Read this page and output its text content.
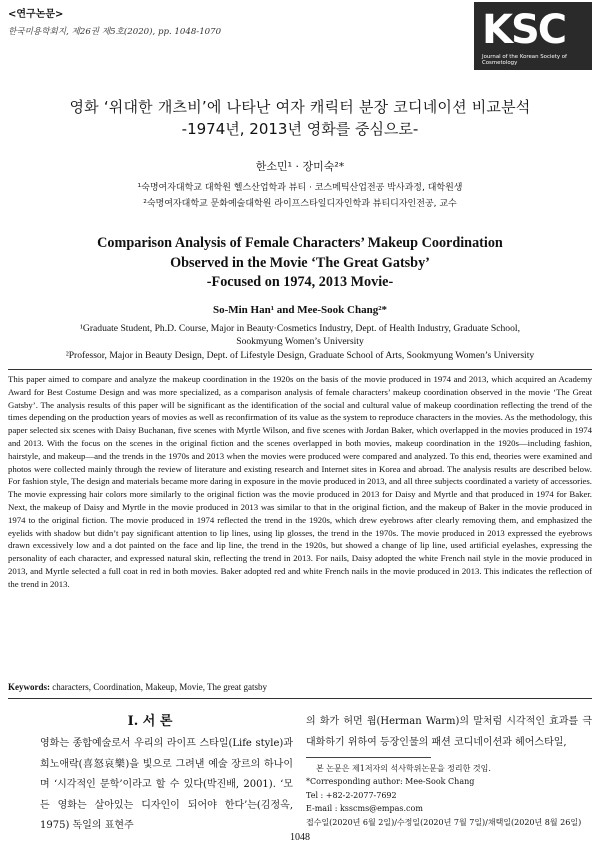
<연구논문>
한국미용학회지, 제26권 제5호(2020), pp. 1048-1070	KSC
Journal of the Korean Society of Cosmetology
영화 ‘위대한 개츠비’에 나타난 여자 캐릭터 분장 코디네이션 비교분석
-1974년, 2013년 영화를 중심으로-
한소민¹ · 장미숙²*
¹숙명여자대학교 대학원 헬스산업학과 뷰티 · 코스메틱산업전공 박사과정, 대학원생
²숙명여자대학교 문화예술대학원 라이프스타일디자인학과 뷰티디자인전공, 교수
Comparison Analysis of Female Characters’ Makeup Coordination
Observed in the Movie ‘The Great Gatsby’
-Focused on 1974, 2013 Movie-
So-Min Han¹ and Mee-Sook Chang²*
¹Graduate Student, Ph.D. Course, Major in Beauty·Cosmetics Industry, Dept. of Health Industry, Graduate School,
Sookmyung Women’s University
²Professor, Major in Beauty Design, Dept. of Lifestyle Design, Graduate School of Arts, Sookmyung Women’s University
This paper aimed to compare and analyze the makeup coordination in the 1920s on the basis of the movie produced in 1974 and 2013, which acquired an Academy Award for Best Costume Design and was more specialized, as a comparison analysis of female characters’ makeup coordination observed in the movie ‘The Great Gatsby’. The analysis results of this paper will be significant as the identification of the social and cultural value of makeup coordination reflecting the trend of the times depending on the production years of movies as well as reconfirmation of its value as the system to reproduce characters in the movies. As the methodology, this paper selected six scenes with Daisy Buchanan, five scenes with Myrtle Wilson, and five scenes with Jordan Baker, which overlapped in the movies produced in 1974 and 2013. With the focus on the scenes in the original fiction and the scenes overlapped in both movies, makeup coordination in the 1920s—including fashion, hairstyle, and makeup—and the trends in the 1970s and 2013 when the movies were produced were compared and analyzed. To this end, theories were examined and photos were collected mainly through the review of literature and existing research and Internet sites in Korea and abroad. The analysis results are described below. For fashion style, The design and materials became more daring in exposure in the movie produced in 2013, and all three subjects coordinated a variety of accessories. The movie expressing hair colors more similarly to the original fiction was the movie produced in 2013 for Daisy and Myrtle and that produced in 1974 for Baker. Next, the makeup of Daisy and Myrtle in the movie produced in 2013 was similar to that in the original fiction, and the makeup of Baker in the movie produced in 1974 to the original fiction. The movie produced in 1974 reflected the trend in the 1920s, which drew eyebrows after clearly removing them, and emphasized the eyelids with shadow but didn’t pay significant attention to lip lines, using lip glosses, the trend in the 1970s. The movie produced in 2013 expressed the eyebrows drawn excessively low and a dot painted on the face and lip line, the trend in the 1920s, but showed a change of lip line, used artificial eyelashes, expressing the personality of each character, and expressed natural skin, reflecting the trend in 2013. For nails, Daisy adopted the white French nail style in the movie produced in 2013, and Myrtle selected a full coat in red in both movies. Baker adopted red and white French nails in the movie produced in 2013. This indicates the reflection of the trend in 2013.
Keywords: characters, Coordination, Makeup, Movie, The great gatsby
Ⅰ. 서 론
영화는 종합예술로서 우리의 라이프 스타일(Life style)과 희노애락(喜怒哀樂)을 빛으로 그려낸 예술 장르의 하나이며 ‘시각적인 문학’이라고 할 수 있다(박진배, 2001). ‘모든 영화는 살아있는 디자인이 되어야 한다’는(김정옥, 1975) 독일의 표현주
의 화가 허먼 웜(Herman Warm)의 말처럼 시각적인 효과를 극대화하기 위하여 등장인물의 패션 코디네이션과 헤어스타일,
본 논문은 제1저자의 석사학위논문을 정리한 것임.
*Corresponding author: Mee-Sook Chang
Tel : +82-2-2077-7692
E-mail : ksscms@empas.com
접수일(2020년 6월 2일)/수정일(2020년 7월 7일)/채택일(2020년 8월 26일)
1048
